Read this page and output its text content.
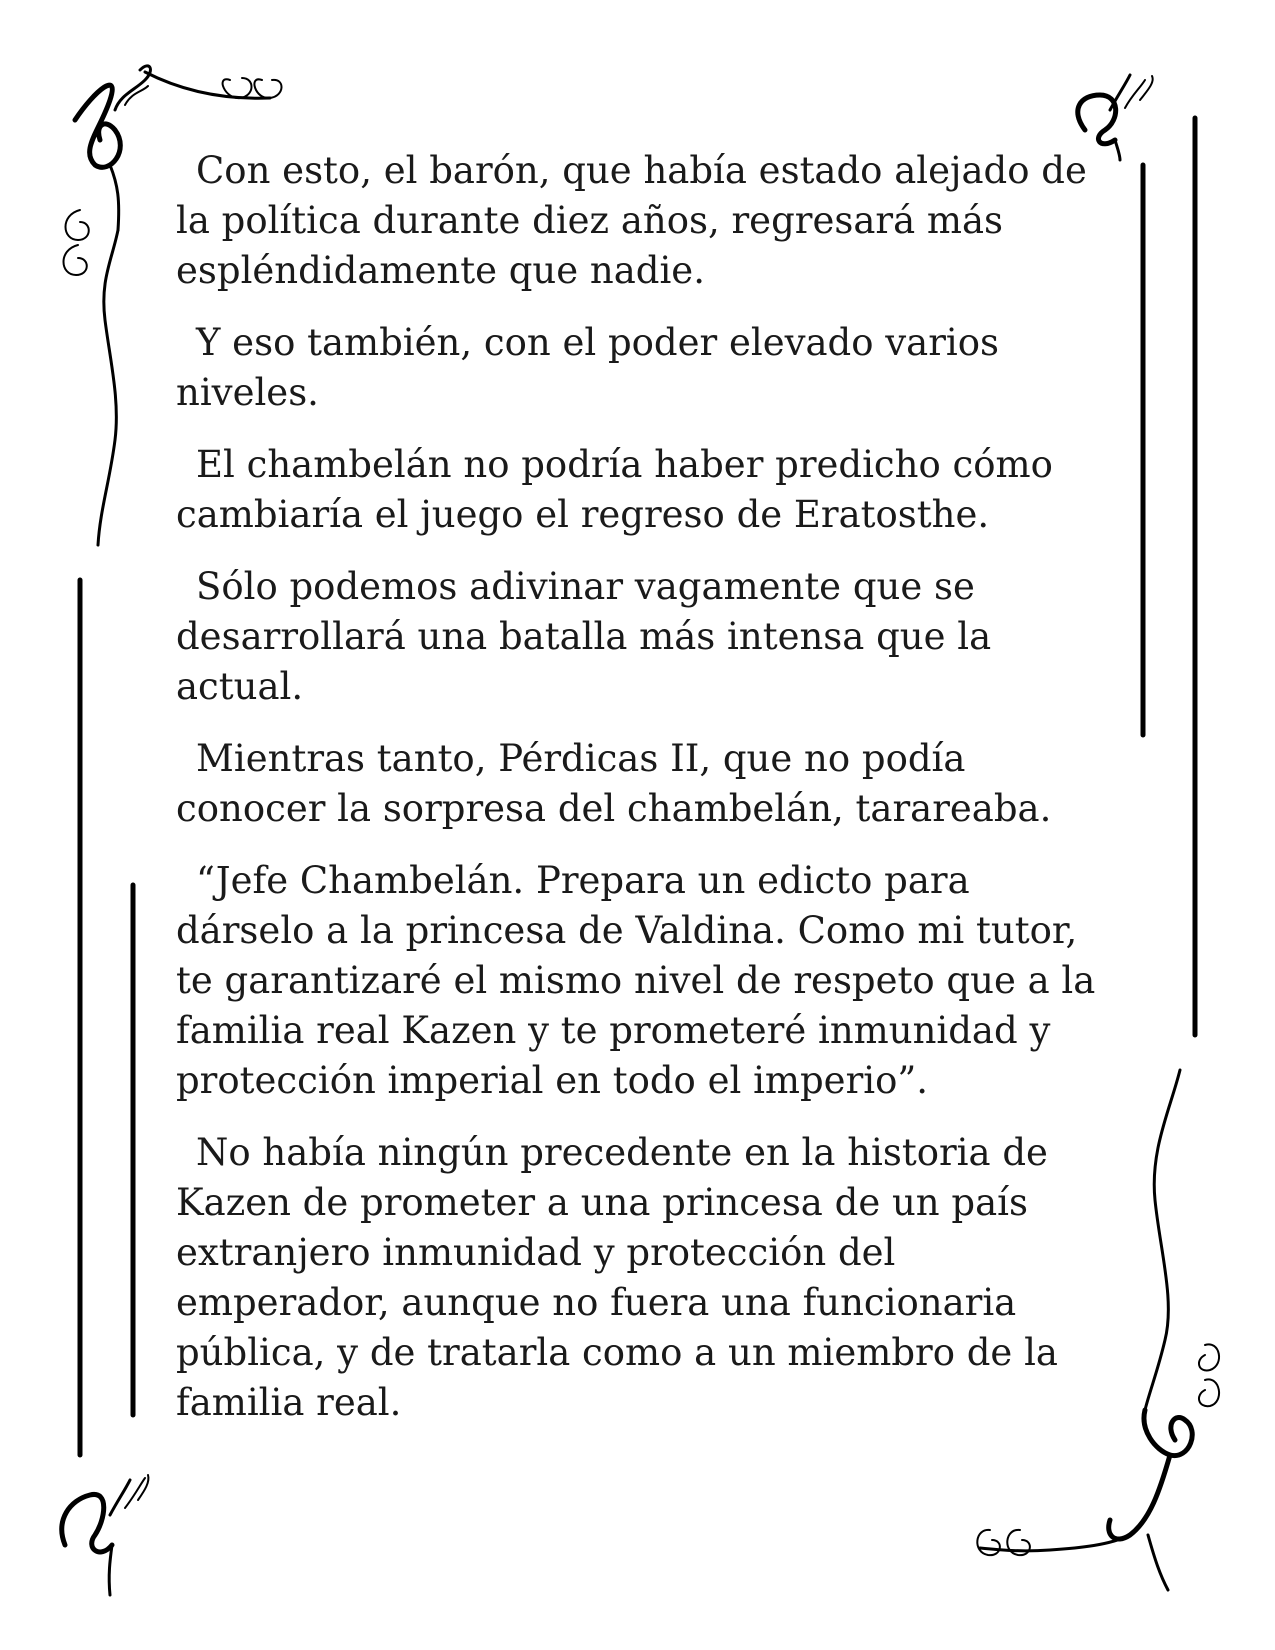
Con esto, el barón, que había estado alejado de la política durante diez años, regresará más espléndidamente que nadie.

Y eso también, con el poder elevado varios niveles.

El chambelán no podría haber predicho cómo cambiaría el juego el regreso de Eratosthe.

Sólo podemos adivinar vagamente que se desarrollará una batalla más intensa que la actual.

Mientras tanto, Pérdicas II, que no podía conocer la sorpresa del chambelán, tarareaba.

“Jefe Chambelán. Prepara un edicto para dárselo a la princesa de Valdina. Como mi tutor, te garantizaré el mismo nivel de respeto que a la familia real Kazen y te prometeré inmunidad y protección imperial en todo el imperio”.

No había ningún precedente en la historia de Kazen de prometer a una princesa de un país extranjero inmunidad y protección del emperador, aunque no fuera una funcionaria pública, y de tratarla como a un miembro de la familia real.
